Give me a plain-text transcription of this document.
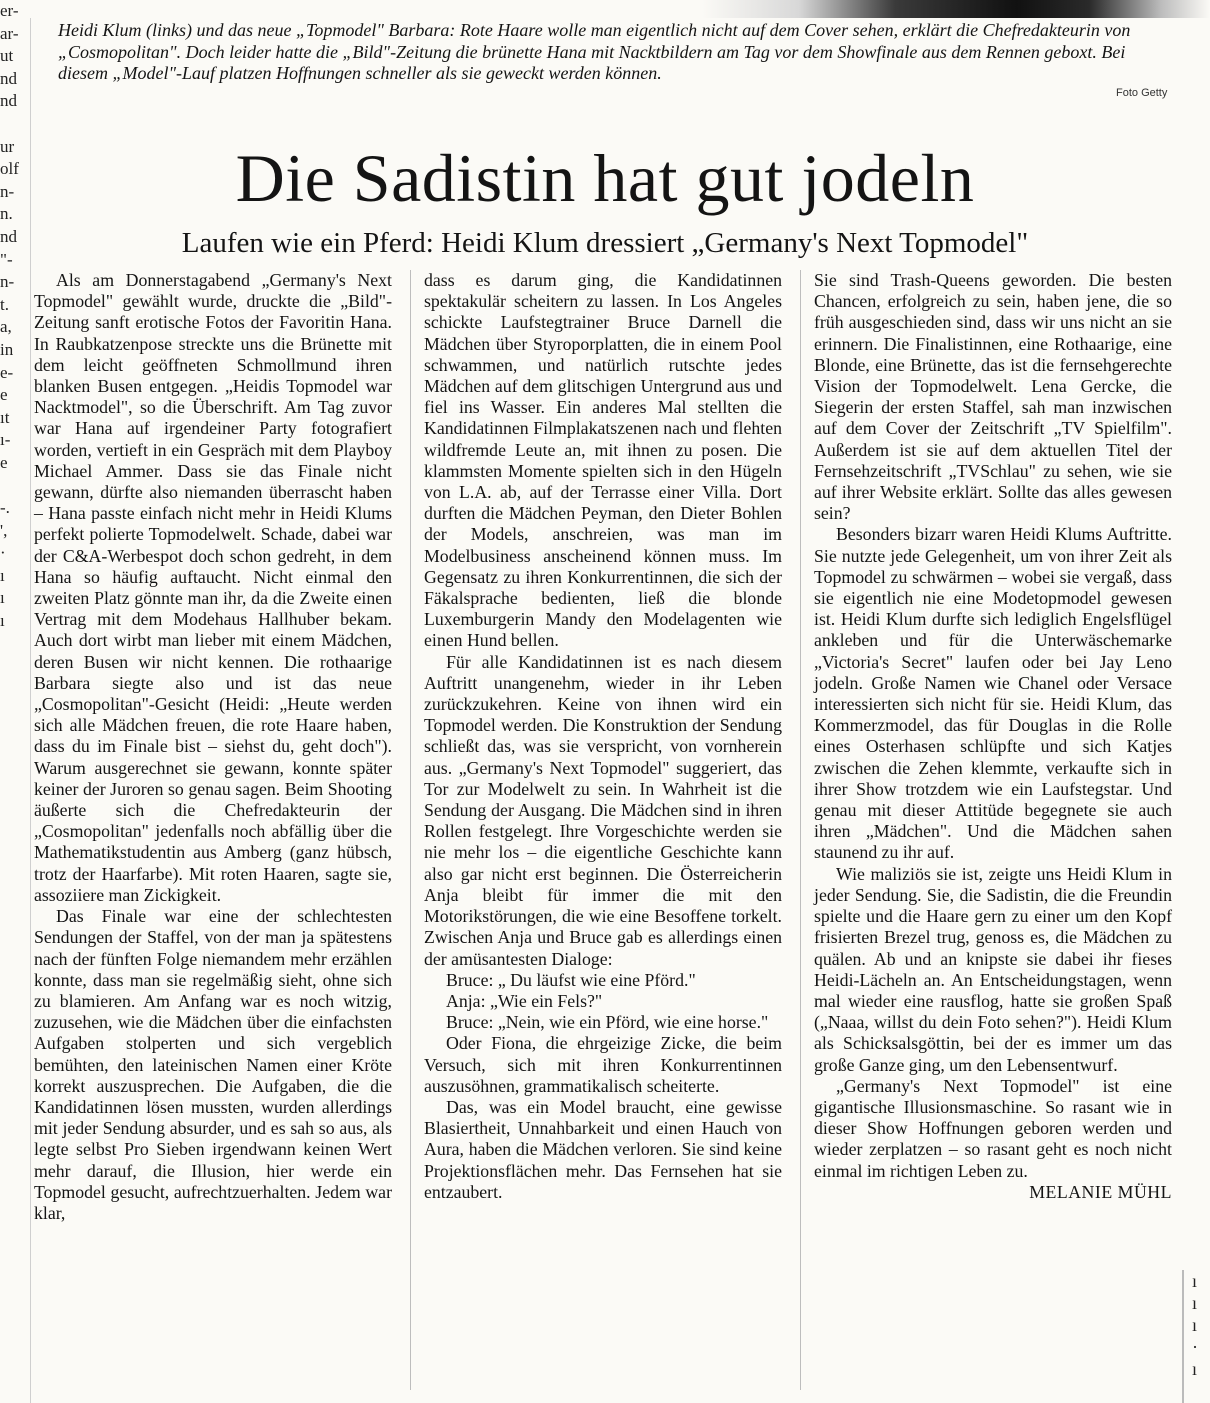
er-
ar-
ut
nd
nd

ur
olf
n-
n.
nd
"-
n-
t.
a,
in
e-
e
ıt
ı-
e

-.
',
·
ı
ı
ı
Heidi Klum (links) und das neue „Topmodel" Barbara: Rote Haare wolle man eigentlich nicht auf dem Cover sehen, erklärt die Chefredakteurin von „Cosmopolitan". Doch leider hatte die „Bild"-Zeitung die brünette Hana mit Nacktbildern am Tag vor dem Showfinale aus dem Rennen geboxt. Bei diesem „Model"-Lauf platzen Hoffnungen schneller als sie geweckt werden können.
Foto Getty
Die Sadistin hat gut jodeln
Laufen wie ein Pferd: Heidi Klum dressiert „Germany's Next Topmodel"

Als am Donnerstagabend „Germany's Next Topmodel" gewählt wurde, druckte die „Bild"-Zeitung sanft erotische Fotos der Favoritin Hana. In Raubkatzenpose streckte uns die Brünette mit dem leicht geöffneten Schmollmund ihren blanken Busen entgegen. „Heidis Topmodel war Nacktmodel", so die Überschrift. Am Tag zuvor war Hana auf irgendeiner Party fotografiert worden, vertieft in ein Gespräch mit dem Playboy Michael Ammer. Dass sie das Finale nicht gewann, dürfte also niemanden überrascht haben – Hana passte einfach nicht mehr in Heidi Klums perfekt polierte Topmodelwelt. Schade, dabei war der C&A-Werbespot doch schon gedreht, in dem Hana so häufig auftaucht. Nicht einmal den zweiten Platz gönnte man ihr, da die Zweite einen Vertrag mit dem Modehaus Hallhuber bekam. Auch dort wirbt man lieber mit einem Mädchen, deren Busen wir nicht kennen. Die rothaarige Barbara siegte also und ist das neue „Cosmopolitan"-Gesicht (Heidi: „Heute werden sich alle Mädchen freuen, die rote Haare haben, dass du im Finale bist – siehst du, geht doch"). Warum ausgerechnet sie gewann, konnte später keiner der Juroren so genau sagen. Beim Shooting äußerte sich die Chefredakteurin der „Cosmopolitan" jedenfalls noch abfällig über die Mathematikstudentin aus Amberg (ganz hübsch, trotz der Haarfarbe). Mit roten Haaren, sagte sie, assoziiere man Zickigkeit.

Das Finale war eine der schlechtesten Sendungen der Staffel, von der man ja spätestens nach der fünften Folge niemandem mehr erzählen konnte, dass man sie regelmäßig sieht, ohne sich zu blamieren. Am Anfang war es noch witzig, zuzusehen, wie die Mädchen über die einfachsten Aufgaben stolperten und sich vergeblich bemühten, den lateinischen Namen einer Kröte korrekt auszusprechen. Die Aufgaben, die die Kandidatinnen lösen mussten, wurden allerdings mit jeder Sendung absurder, und es sah so aus, als legte selbst Pro Sieben irgendwann keinen Wert mehr darauf, die Illusion, hier werde ein Topmodel gesucht, aufrechtzuerhalten. Jedem war klar,

dass es darum ging, die Kandidatinnen spektakulär scheitern zu lassen. In Los Angeles schickte Laufstegtrainer Bruce Darnell die Mädchen über Styroporplatten, die in einem Pool schwammen, und natürlich rutschte jedes Mädchen auf dem glitschigen Untergrund aus und fiel ins Wasser. Ein anderes Mal stellten die Kandidatinnen Filmplakatszenen nach und flehten wildfremde Leute an, mit ihnen zu posen. Die klammsten Momente spielten sich in den Hügeln von L.A. ab, auf der Terrasse einer Villa. Dort durften die Mädchen Peyman, den Dieter Bohlen der Models, anschreien, was man im Modelbusiness anscheinend können muss. Im Gegensatz zu ihren Konkurrentinnen, die sich der Fäkalsprache bedienten, ließ die blonde Luxemburgerin Mandy den Modelagenten wie einen Hund bellen.

Für alle Kandidatinnen ist es nach diesem Auftritt unangenehm, wieder in ihr Leben zurückzukehren. Keine von ihnen wird ein Topmodel werden. Die Konstruktion der Sendung schließt das, was sie verspricht, von vornherein aus. „Germany's Next Topmodel" suggeriert, das Tor zur Modelwelt zu sein. In Wahrheit ist die Sendung der Ausgang. Die Mädchen sind in ihren Rollen festgelegt. Ihre Vorgeschichte werden sie nie mehr los – die eigentliche Geschichte kann also gar nicht erst beginnen. Die Österreicherin Anja bleibt für immer die mit den Motorikstörungen, die wie eine Besoffene torkelt. Zwischen Anja und Bruce gab es allerdings einen der amüsantesten Dialoge:

Bruce: „ Du läufst wie eine Pförd."

Anja: „Wie ein Fels?"

Bruce: „Nein, wie ein Pförd, wie eine horse."

Oder Fiona, die ehrgeizige Zicke, die beim Versuch, sich mit ihren Konkurrentinnen auszusöhnen, grammatikalisch scheiterte.

Das, was ein Model braucht, eine gewisse Blasiertheit, Unnahbarkeit und einen Hauch von Aura, haben die Mädchen verloren. Sie sind keine Projektionsflächen mehr. Das Fernsehen hat sie entzaubert.

Sie sind Trash-Queens geworden. Die besten Chancen, erfolgreich zu sein, haben jene, die so früh ausgeschieden sind, dass wir uns nicht an sie erinnern. Die Finalistinnen, eine Rothaarige, eine Blonde, eine Brünette, das ist die fernsehgerechte Vision der Topmodelwelt. Lena Gercke, die Siegerin der ersten Staffel, sah man inzwischen auf dem Cover der Zeitschrift „TV Spielfilm". Außerdem ist sie auf dem aktuellen Titel der Fernsehzeitschrift „TVSchlau" zu sehen, wie sie auf ihrer Website erklärt. Sollte das alles gewesen sein?

Besonders bizarr waren Heidi Klums Auftritte. Sie nutzte jede Gelegenheit, um von ihrer Zeit als Topmodel zu schwärmen – wobei sie vergaß, dass sie eigentlich nie eine Modetopmodel gewesen ist. Heidi Klum durfte sich lediglich Engelsflügel ankleben und für die Unterwäschemarke „Victoria's Secret" laufen oder bei Jay Leno jodeln. Große Namen wie Chanel oder Versace interessierten sich nicht für sie. Heidi Klum, das Kommerzmodel, das für Douglas in die Rolle eines Osterhasen schlüpfte und sich Katjes zwischen die Zehen klemmte, verkaufte sich in ihrer Show trotzdem wie ein Laufstegstar. Und genau mit dieser Attitüde begegnete sie auch ihren „Mädchen". Und die Mädchen sahen staunend zu ihr auf.

Wie maliziös sie ist, zeigte uns Heidi Klum in jeder Sendung. Sie, die Sadistin, die die Freundin spielte und die Haare gern zu einer um den Kopf frisierten Brezel trug, genoss es, die Mädchen zu quälen. Ab und an knipste sie dabei ihr fieses Heidi-Lächeln an. An Entscheidungstagen, wenn mal wieder eine rausflog, hatte sie großen Spaß („Naaa, willst du dein Foto sehen?"). Heidi Klum als Schicksalsgöttin, bei der es immer um das große Ganze ging, um den Lebensentwurf.

„Germany's Next Topmodel" ist eine gigantische Illusionsmaschine. So rasant wie in dieser Show Hoffnungen geboren werden und wieder zerplatzen – so rasant geht es noch nicht einmal im richtigen Leben zu.
MELANIE MÜHL

ı
ı
ı
·
ı
